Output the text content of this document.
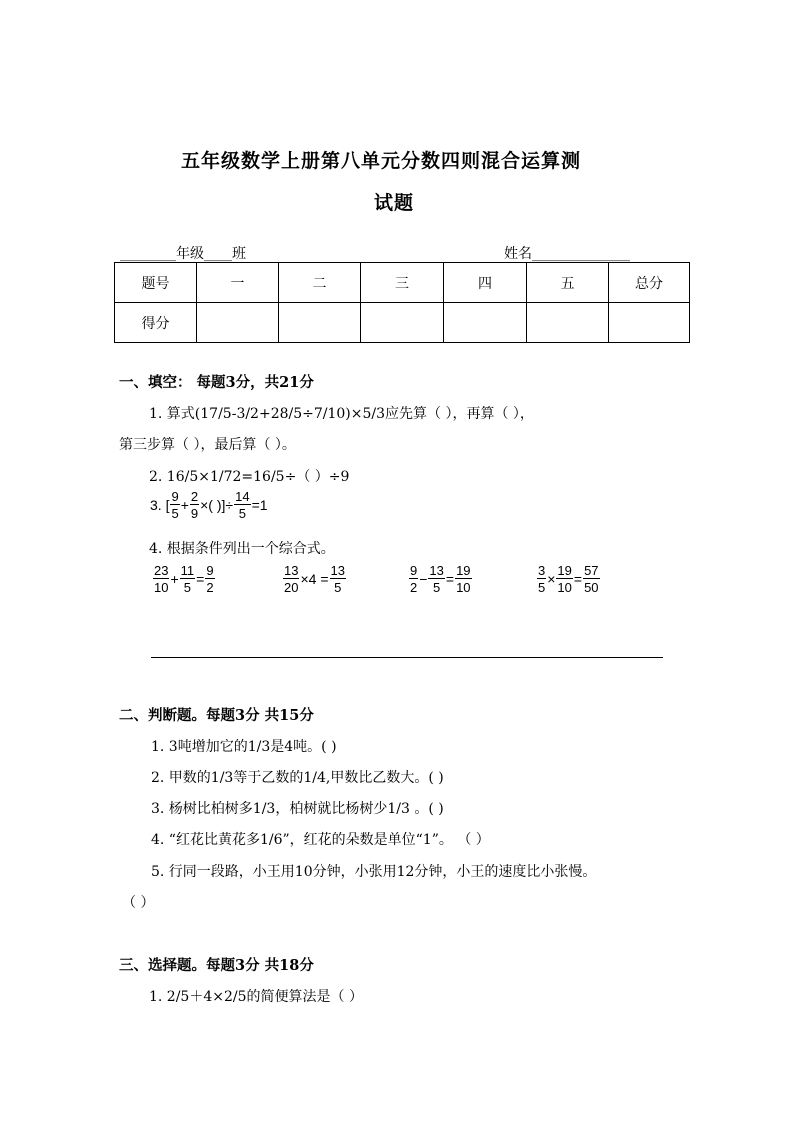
五年级数学上册第八单元分数四则混合运算测
试题
________年级____班	姓名______________
题号	一	二	三	四	五	总分
得分						
一、填空： 每题3分，共21分
1. 算式(17/5-3/2+28/5÷7/10)×5/3应先算（ ），再算（ ），
第三步算（ ），最后算（ ）。
2. 16/5×1/72=16/5÷（ ）÷9
3. [ $\frac{9}{5} + \frac{2}{9}$ ×( )]÷ $\frac{14}{5} =1$
4. 根据条件列出一个综合式。
$\frac{23}{10} + \frac{11}{5} = \frac{9}{2}$	$\frac{13}{20} \times 4 = \frac{13}{5}$	$\frac{9}{2} - \frac{13}{5} = \frac{19}{10}$	$\frac{3}{5} \times \frac{19}{10} = \frac{57}{50}$
二、判断题。每题3分 共15分
1. 3吨增加它的1/3是4吨。( )
2. 甲数的1/3等于乙数的1/4,甲数比乙数大。( )
3. 杨树比柏树多1/3，柏树就比杨树少1/3 。( )
4. “红花比黄花多1/6”，红花的朵数是单位“1”。 （ ）
5. 行同一段路，小王用10分钟，小张用12分钟，小王的速度比小张慢。
（ ）
三、选择题。每题3分 共18分
1. 2/5＋4×2/5的简便算法是（ ）
